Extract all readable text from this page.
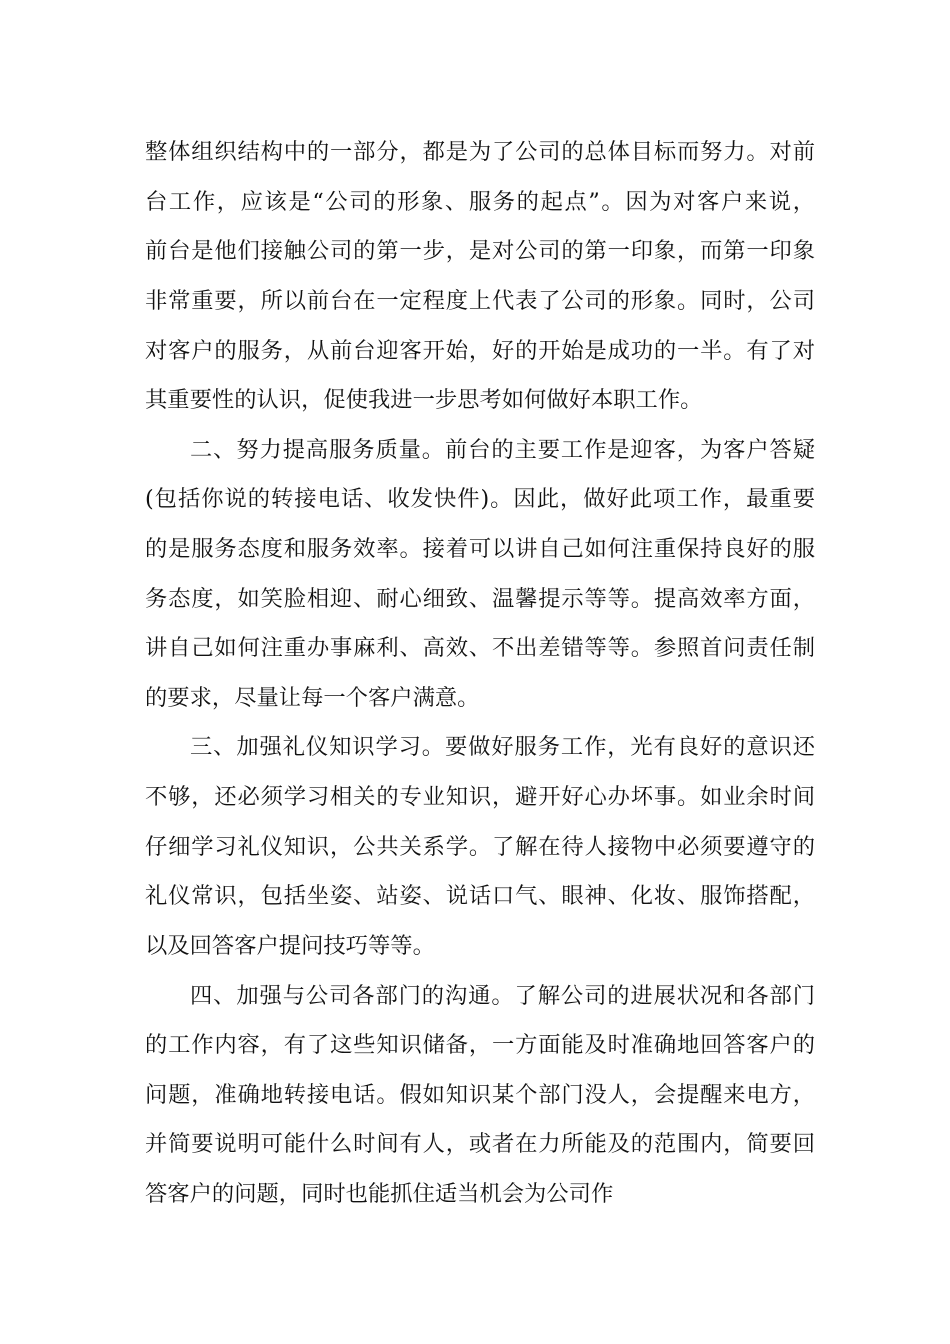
整体组织结构中的一部分，都是为了公司的总体目标而努力。对前
台工作，应该是“公司的形象、服务的起点”。因为对客户来说，
前台是他们接触公司的第一步，是对公司的第一印象，而第一印象
非常重要，所以前台在一定程度上代表了公司的形象。同时，公司
对客户的服务，从前台迎客开始，好的开始是成功的一半。有了对
其重要性的认识，促使我进一步思考如何做好本职工作。
二、努力提高服务质量。前台的主要工作是迎客，为客户答疑
(包括你说的转接电话、收发快件)。因此，做好此项工作，最重要
的是服务态度和服务效率。接着可以讲自己如何注重保持良好的服
务态度，如笑脸相迎、耐心细致、温馨提示等等。提高效率方面，
讲自己如何注重办事麻利、高效、不出差错等等。参照首问责任制
的要求，尽量让每一个客户满意。
三、加强礼仪知识学习。要做好服务工作，光有良好的意识还
不够，还必须学习相关的专业知识，避开好心办坏事。如业余时间
仔细学习礼仪知识，公共关系学。了解在待人接物中必须要遵守的
礼仪常识，包括坐姿、站姿、说话口气、眼神、化妆、服饰搭配，
以及回答客户提问技巧等等。
四、加强与公司各部门的沟通。了解公司的进展状况和各部门
的工作内容，有了这些知识储备，一方面能及时准确地回答客户的
问题，准确地转接电话。假如知识某个部门没人，会提醒来电方，
并简要说明可能什么时间有人，或者在力所能及的范围内，简要回
答客户的问题，同时也能抓住适当机会为公司作
